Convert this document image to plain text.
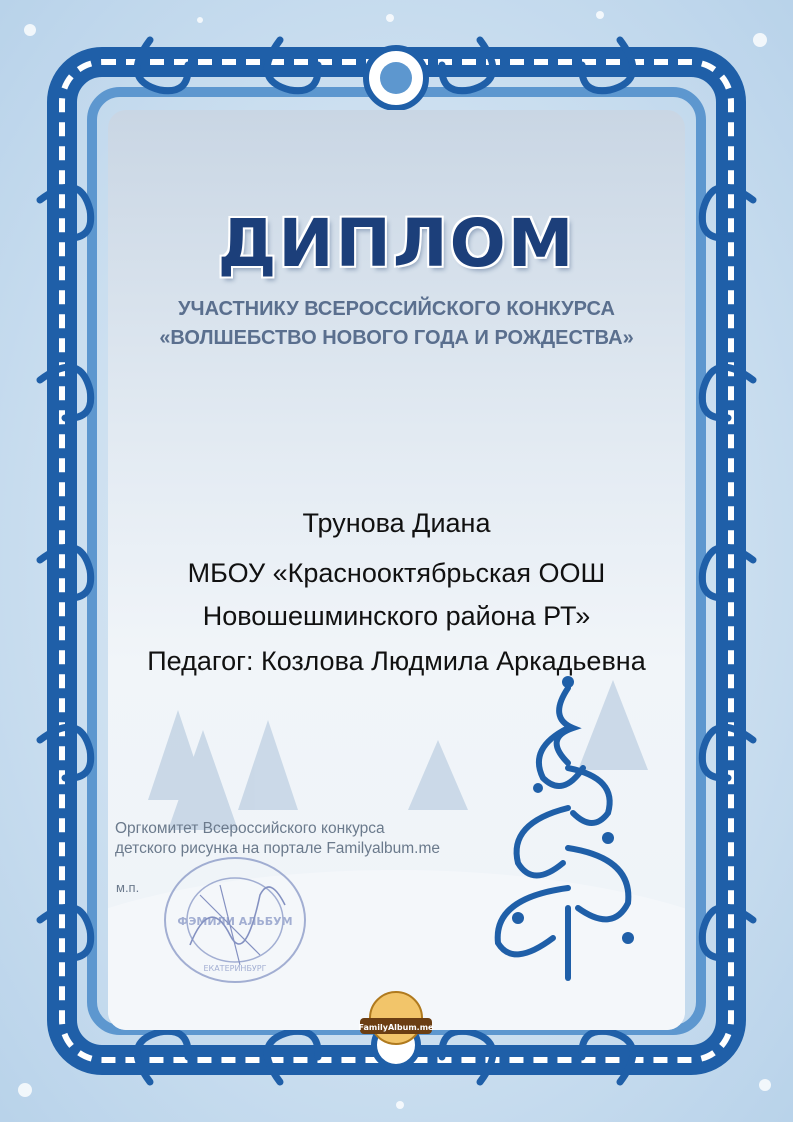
ДИПЛОМ
УЧАСТНИКУ ВСЕРОССИЙСКОГО КОНКУРСА
«ВОЛШЕБСТВО НОВОГО ГОДА И РОЖДЕСТВА»
Трунова Диана
МБОУ «Краснооктябрьская ООШ
Новошешминского района РТ»
Педагог: Козлова Людмила Аркадьевна
Оргкомитет Всероссийского конкурса
детского рисунка на портале Familyalbum.me
м.п.
ФЭМИЛИ АЛЬБУМ
ЕКАТЕРИНБУРГ
FamilyAlbum.me
